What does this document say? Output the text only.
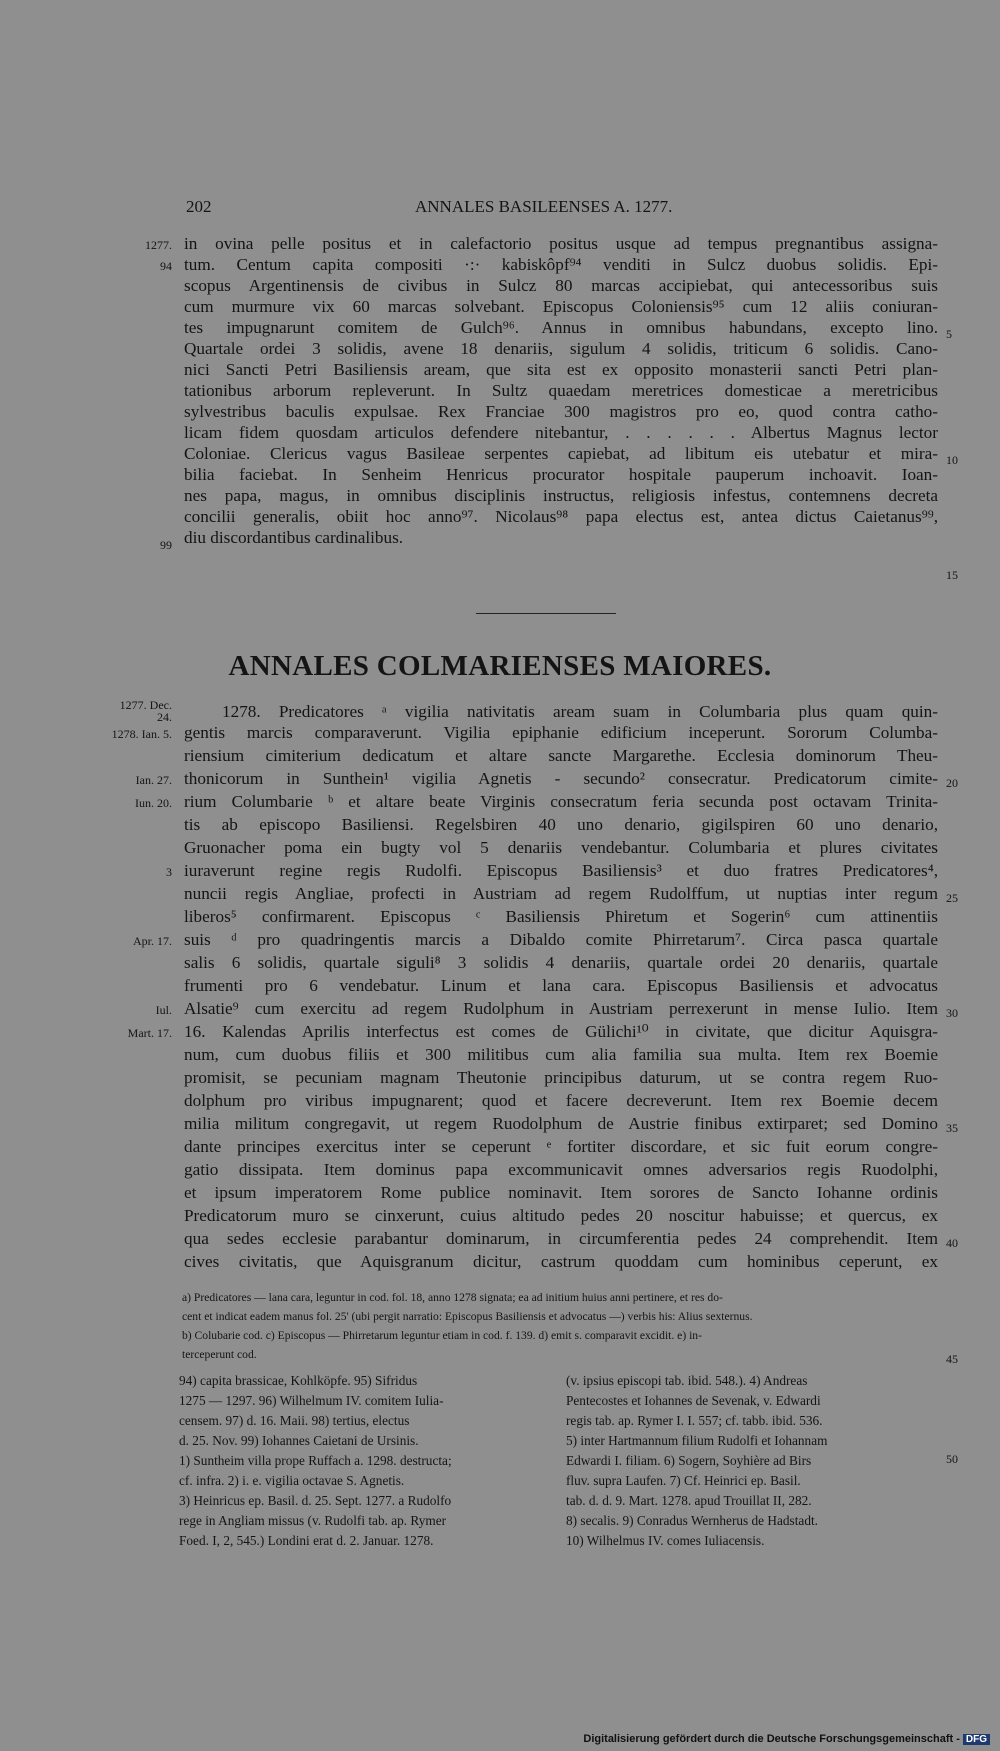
202	ANNALES BASILEENSES A. 1277.
in ovina pelle positus et in calefactorio positus usque ad tempus pregnantibus assigna-
tum. Centum capita compositi ·:· kabiskôpf⁹⁴ venditi in Sulcz duobus solidis. Epi-
scopus Argentinensis de civibus in Sulcz 80 marcas accipiebat, qui antecessoribus suis
cum murmure vix 60 marcas solvebant. Episcopus Coloniensis⁹⁵ cum 12 aliis coniuran-
tes impugnarunt comitem de Gulch⁹⁶. Annus in omnibus habundans, excepto lino.
Quartale ordei 3 solidis, avene 18 denariis, sigulum 4 solidis, triticum 6 solidis. Cano-
nici Sancti Petri Basiliensis aream, que sita est ex opposito monasterii sancti Petri plan-
tationibus arborum repleverunt. In Sultz quaedam meretrices domesticae a meretricibus
sylvestribus baculis expulsae. Rex Franciae 300 magistros pro eo, quod contra catho-
licam fidem quosdam articulos defendere nitebantur, . . . . . . Albertus Magnus lector
Coloniae. Clericus vagus Basileae serpentes capiebat, ad libitum eis utebatur et mira-
bilia faciebat. In Senheim Henricus procurator hospitale pauperum inchoavit. Ioan-
nes papa, magus, in omnibus disciplinis instructus, religiosis infestus, contemnens decreta
concilii generalis, obiit hoc anno⁹⁷. Nicolaus⁹⁸ papa electus est, antea dictus Caietanus⁹⁹,
diu discordantibus cardinalibus.
1277.
94
99
5
10
15
ANNALES COLMARIENSES MAIORES.
1278. Predicatores ᵃ vigilia nativitatis aream suam in Columbaria plus quam quin-
gentis marcis comparaverunt. Vigilia epiphanie edificium inceperunt. Sororum Columba-
riensium cimiterium dedicatum et altare sancte Margarethe. Ecclesia dominorum Theu-
thonicorum in Sunthein¹ vigilia Agnetis - secundo² consecratur. Predicatorum cimite-
rium Columbarie ᵇ et altare beate Virginis consecratum feria secunda post octavam Trinita-
tis ab episcopo Basiliensi. Regelsbiren 40 uno denario, gigilspiren 60 uno denario,
Gruonacher poma ein bugty vol 5 denariis vendebantur. Columbaria et plures civitates
iuraverunt regine regis Rudolfi. Episcopus Basiliensis³ et duo fratres Predicatores⁴,
nuncii regis Angliae, profecti in Austriam ad regem Rudolffum, ut nuptias inter regum
liberos⁵ confirmarent. Episcopus ᶜ Basiliensis Phiretum et Sogerin⁶ cum attinentiis
suis ᵈ pro quadringentis marcis a Dibaldo comite Phirretarum⁷. Circa pasca quartale
salis 6 solidis, quartale siguli⁸ 3 solidis 4 denariis, quartale ordei 20 denariis, quartale
frumenti pro 6 vendebatur. Linum et lana cara. Episcopus Basiliensis et advocatus
Alsatie⁹ cum exercitu ad regem Rudolphum in Austriam perrexerunt in mense Iulio. Item
16. Kalendas Aprilis interfectus est comes de Gülichi¹⁰ in civitate, que dicitur Aquisgra-
num, cum duobus filiis et 300 militibus cum alia familia sua multa. Item rex Boemie
promisit, se pecuniam magnam Theutonie principibus daturum, ut se contra regem Ruo-
dolphum pro viribus impugnarent; quod et facere decreverunt. Item rex Boemie decem
milia militum congregavit, ut regem Ruodolphum de Austrie finibus extirparet; sed Domino
dante principes exercitus inter se ceperunt ᵉ fortiter discordare, et sic fuit eorum congre-
gatio dissipata. Item dominus papa excommunicavit omnes adversarios regis Ruodolphi,
et ipsum imperatorem Rome publice nominavit. Item sorores de Sancto Iohanne ordinis
Predicatorum muro se cinxerunt, cuius altitudo pedes 20 noscitur habuisse; et quercus, ex
qua sedes ecclesie parabantur dominarum, in circumferentia pedes 24 comprehendit. Item
cives civitatis, que Aquisgranum dicitur, castrum quoddam cum hominibus ceperunt, ex
1277. Dec. 24.
1278. Ian. 5.
Ian. 27.
Iun. 20.
3
Apr. 17.
Iul.
Mart. 17.
20
25
30
35
40
a) Predicatores — lana cara, leguntur in cod. fol. 18, anno 1278 signata; ea ad initium huius anni pertinere, et res do-
cent et indicat eadem manus fol. 25' (ubi pergit narratio: Episcopus Basiliensis et advocatus —) verbis his: Alius sexternus.
b) Colubarie cod. c) Episcopus — Phirretarum leguntur etiam in cod. f. 139. d) emit s. comparavit excidit. e) in-
terceperunt cod.	45
94) capita brassicae, Kohlköpfe. 95) Sifridus
1275 — 1297. 96) Wilhelmum IV. comitem Iulia-
censem. 97) d. 16. Maii. 98) tertius, electus
d. 25. Nov. 99) Iohannes Caietani de Ursinis.
1) Suntheim villa prope Ruffach a. 1298. destructa;
cf. infra. 2) i. e. vigilia octavae S. Agnetis.
3) Heinricus ep. Basil. d. 25. Sept. 1277. a Rudolfo
rege in Angliam missus (v. Rudolfi tab. ap. Rymer
Foed. I, 2, 545.) Londini erat d. 2. Januar. 1278.
(v. ipsius episcopi tab. ibid. 548.). 4) Andreas
Pentecostes et Iohannes de Sevenak, v. Edwardi
regis tab. ap. Rymer I. I. 557; cf. tabb. ibid. 536.
5) inter Hartmannum filium Rudolfi et Iohannam
Edwardi I. filiam. 6) Sogern, Soyhière ad Birs
fluv. supra Laufen. 7) Cf. Heinrici ep. Basil.
tab. d. d. 9. Mart. 1278. apud Trouillat II, 282.
8) secalis. 9) Conradus Wernherus de Hadstadt.
10) Wilhelmus IV. comes Iuliacensis.
50
Digitalisierung gefördert durch die Deutsche Forschungsgemeinschaft - DFG
